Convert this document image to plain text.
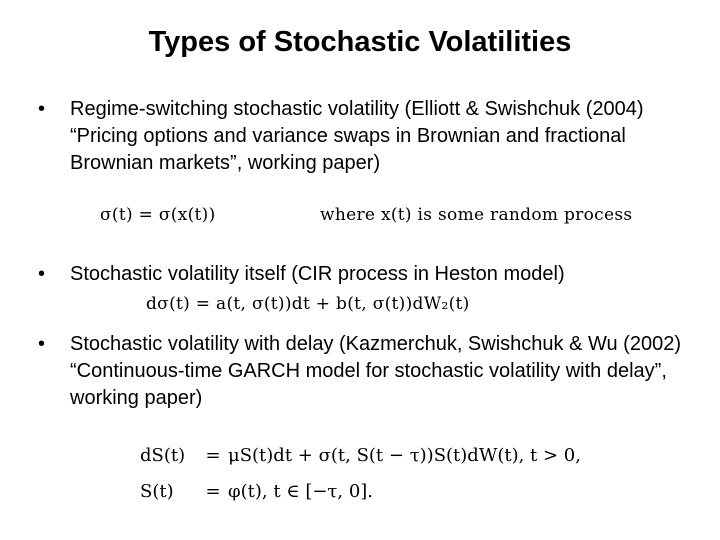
Types of Stochastic Volatilities
• Regime-switching stochastic volatility (Elliott & Swishchuk (2004) “Pricing options and variance swaps in Brownian and fractional Brownian markets”, working paper)
σ(t) = σ(x(t))	where x(t) is some random process
• Stochastic volatility itself (CIR process in Heston model)
dσ(t) = a(t, σ(t))dt + b(t, σ(t))dW₂(t)
• Stochastic volatility with delay (Kazmerchuk, Swishchuk & Wu (2002) “Continuous-time GARCH model for stochastic volatility with delay”, working paper)
dS(t)	= μS(t)dt + σ(t, S(t − τ))S(t)dW(t), t > 0,
S(t)	= φ(t), t ∈ [−τ, 0].
